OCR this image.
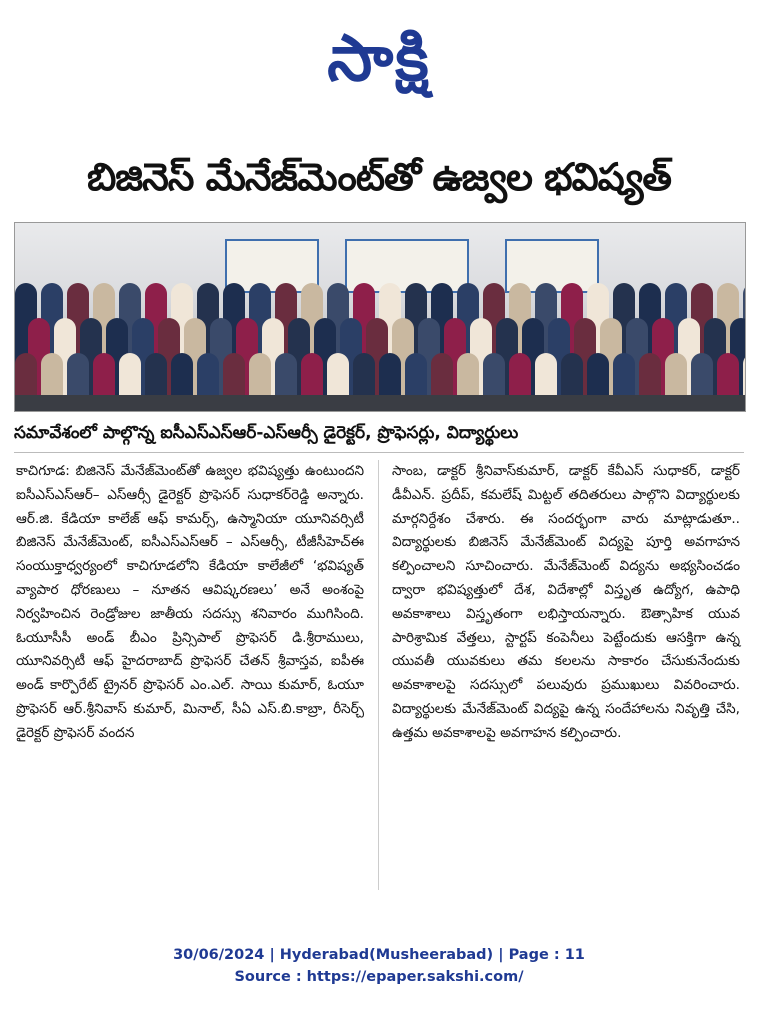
సాక్షి
బిజినెస్ మేనేజ్‌మెంట్‌తో ఉజ్వల భవిష్యత్
సమావేశంలో పాల్గొన్న ఐసీఎస్ఎస్ఆర్-ఎస్ఆర్సీ డైరెక్టర్, ప్రొఫెసర్లు, విద్యార్థులు

కాచిగూడ: బిజినెస్ మేనేజ్‌మెంట్‌తో ఉజ్వల భవిష్యత్తు ఉంటుందని ఐసీఎస్ఎస్ఆర్– ఎస్ఆర్సీ డైరెక్టర్ ప్రొఫెసర్ సుధాకర్‌రెడ్డి అన్నారు. ఆర్.జి. కేడియా కాలేజ్ ఆఫ్ కామర్స్, ఉస్మానియా యూనివర్సిటీ బిజినెస్ మేనేజ్‌మెంట్, ఐసీఎస్ఎస్ఆర్ – ఎస్ఆర్సీ, టీజీసీహెచ్ఈ సంయుక్తాధ్వర్యంలో కాచిగూడలోని కేడియా కాలేజీలో ‘భవిష్యత్ వ్యాపార ధోరణులు – నూతన ఆవిష్కరణలు’ అనే అంశంపై నిర్వహించిన రెండ్రోజుల జాతీయ సదస్సు శనివారం ముగిసింది. ఓయూసీసీ అండ్ బీఎం ప్రిన్సిపాల్ ప్రొఫెసర్ డి.శ్రీరాములు, యూనివర్సిటీ ఆఫ్ హైదరాబాద్ ప్రొఫెసర్ చేతన్ శ్రీవాస్తవ, ఐపీఈ అండ్ కార్పొరేట్ ట్రైనర్ ప్రొఫెసర్ ఎం.ఎల్. సాయి కుమార్, ఓయూ ప్రొఫెసర్ ఆర్.శ్రీనివాస్ కుమార్, మినాల్, సీఏ ఎస్.బి.కాబ్రా, రీసెర్చ్ డైరెక్టర్ ప్రొఫెసర్ వందన

సాంబ, డాక్టర్ శ్రీనివాస్‌కుమార్, డాక్టర్ కేవీఎస్ సుధాకర్, డాక్టర్ డీవీఎన్. ప్రదీప్, కమలేష్ మిట్టల్ తదితరులు పాల్గొని విద్యార్థులకు మార్గనిర్దేశం చేశారు. ఈ సందర్భంగా వారు మాట్లాడుతూ.. విద్యార్థులకు బిజినెస్ మేనేజ్‌మెంట్ విద్యపై పూర్తి అవగాహన కల్పించాలని సూచించారు. మేనేజ్‌మెంట్ విద్యను అభ్యసించడం ద్వారా భవిష్యత్తులో దేశ, విదేశాల్లో విస్తృత ఉద్యోగ, ఉపాధి అవకాశాలు విస్తృతంగా లభిస్తాయన్నారు. ఔత్సాహిక యువ పారిశ్రామిక వేత్తలు, స్టార్టప్ కంపెనీలు పెట్టేందుకు ఆసక్తిగా ఉన్న యువతీ యువకులు తమ కలలను సాకారం చేసుకునేందుకు అవకాశాలపై సదస్సులో పలువురు ప్రముఖులు వివరించారు. విద్యార్థులకు మేనేజ్‌మెంట్ విద్యపై ఉన్న సందేహాలను నివృత్తి చేసి, ఉత్తమ అవకాశాలపై అవగాహన కల్పించారు.

30/06/2024 | Hyderabad(Musheerabad) | Page : 11
Source : https://epaper.sakshi.com/
